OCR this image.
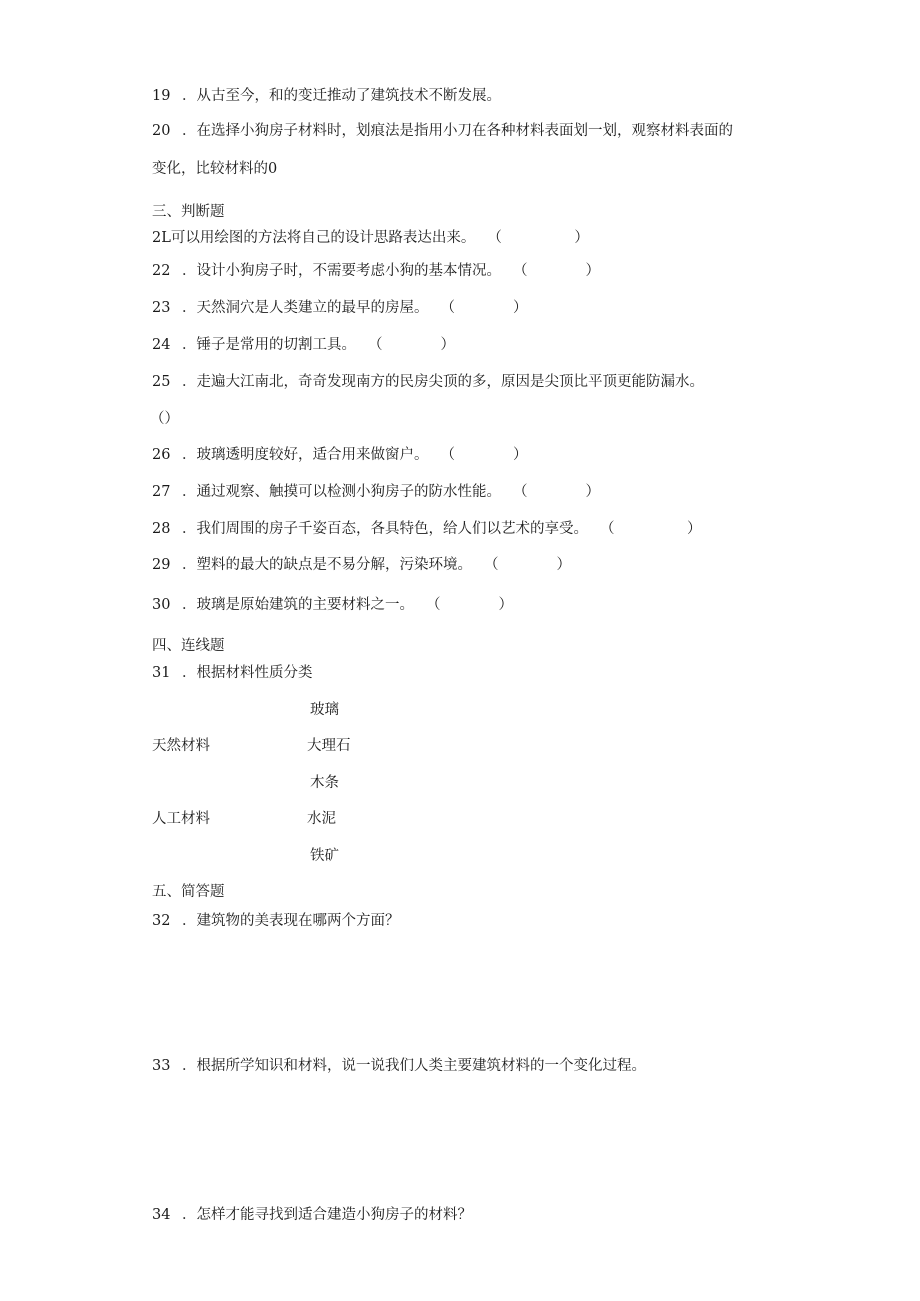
19 ．从古至今，和的变迁推动了建筑技术不断发展。
20 ．在选择小狗房子材料时，划痕法是指用小刀在各种材料表面划一划，观察材料表面的
变化，比较材料的0
三、判断题
2L可以用绘图的方法将自己的设计思路表达出来。 （　　　　　）
22 ．设计小狗房子时，不需要考虑小狗的基本情况。 （　　　　）
23 ．天然洞穴是人类建立的最早的房屋。 （　　　　）
24 ．锤子是常用的切割工具。 （　　　　）
25 ．走遍大江南北，奇奇发现南方的民房尖顶的多，原因是尖顶比平顶更能防漏水。
（）
26 ．玻璃透明度较好，适合用来做窗户。 （　　　　）
27 ．通过观察、触摸可以检测小狗房子的防水性能。 （　　　　）
28 ．我们周围的房子千姿百态，各具特色，给人们以艺术的享受。 （　　　　　）
29 ．塑料的最大的缺点是不易分解，污染环境。 （　　　　）
30 ．玻璃是原始建筑的主要材料之一。 （　　　　）
四、连线题
31 ．根据材料性质分类
玻璃
天然材料	大理石
木条
人工材料	水泥
铁矿
五、简答题
32 ．建筑物的美表现在哪两个方面？
33 ．根据所学知识和材料，说一说我们人类主要建筑材料的一个变化过程。
34 ．怎样才能寻找到适合建造小狗房子的材料？
